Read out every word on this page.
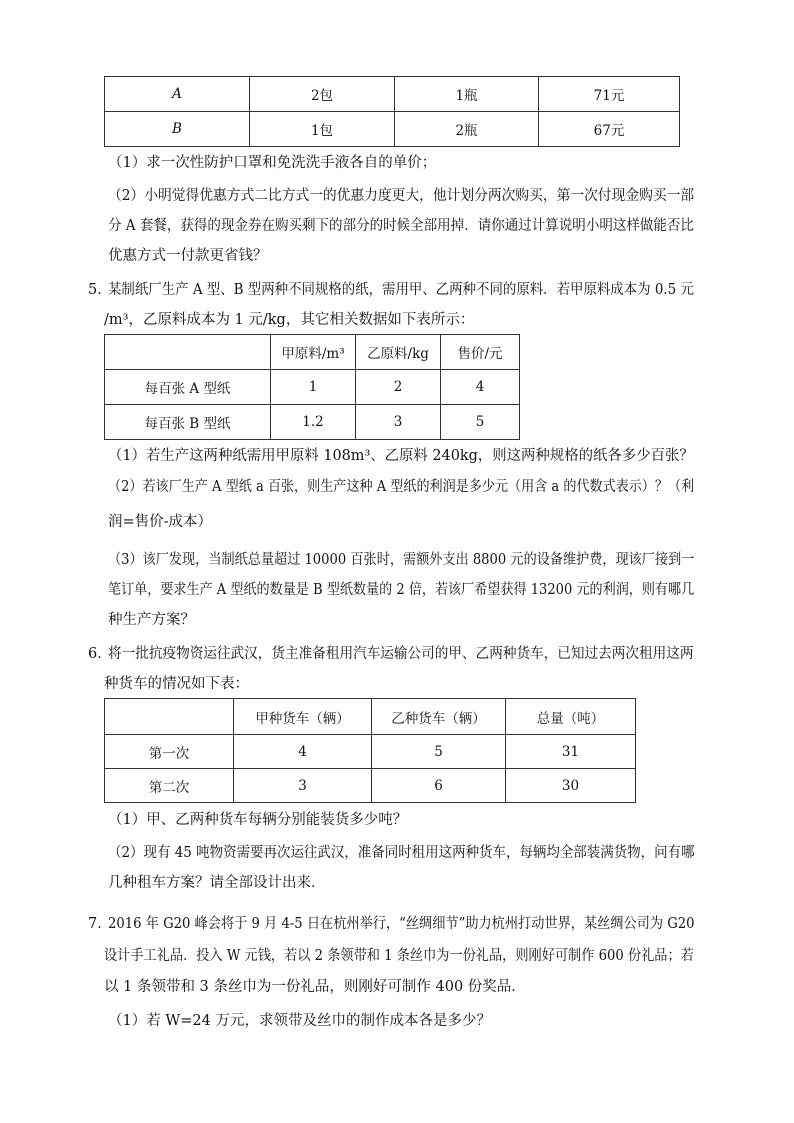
A	2包	1瓶	71元
B	1包	2瓶	67元
（1）求一次性防护口罩和免洗洗手液各自的单价；
（2）小明觉得优惠方式二比方式一的优惠力度更大，他计划分两次购买，第一次付现金购买一部
分 A 套餐，获得的现金券在购买剩下的部分的时候全部用掉．请你通过计算说明小明这样做能否比
优惠方式一付款更省钱？
5．
某制纸厂生产 A 型、B 型两种不同规格的纸，需用甲、乙两种不同的原料．若甲原料成本为 0.5 元
/m³，乙原料成本为 1 元/kg，其它相关数据如下表所示：
	甲原料/m³	乙原料/kg	售价/元
每百张 A 型纸	1	2	4
每百张 B 型纸	1.2	3	5
（1）若生产这两种纸需用甲原料 108m³、乙原料 240kg，则这两种规格的纸各多少百张？
（2）若该厂生产 A 型纸 a 百张，则生产这种 A 型纸的利润是多少元（用含 a 的代数式表示）？（利
润=售价-成本）
（3）该厂发现，当制纸总量超过 10000 百张时，需额外支出 8800 元的设备维护费，现该厂接到一
笔订单，要求生产 A 型纸的数量是 B 型纸数量的 2 倍，若该厂希望获得 13200 元的利润，则有哪几
种生产方案？
6．
将一批抗疫物资运往武汉，货主准备租用汽车运输公司的甲、乙两种货车，已知过去两次租用这两
种货车的情况如下表：
	甲种货车（辆）	乙种货车（辆）	总量（吨）
第一次	4	5	31
第二次	3	6	30
（1）甲、乙两种货车每辆分别能装货多少吨？
（2）现有 45 吨物资需要再次运往武汉，准备同时租用这两种货车，每辆均全部装满货物，问有哪
几种租车方案？请全部设计出来．
7．
2016 年 G20 峰会将于 9 月 4-5 日在杭州举行，“丝绸细节”助力杭州打动世界，某丝绸公司为 G20
设计手工礼品．投入 W 元钱，若以 2 条领带和 1 条丝巾为一份礼品，则刚好可制作 600 份礼品；若
以 1 条领带和 3 条丝巾为一份礼品，则刚好可制作 400 份奖品．
（1）若 W=24 万元，求领带及丝巾的制作成本各是多少？
